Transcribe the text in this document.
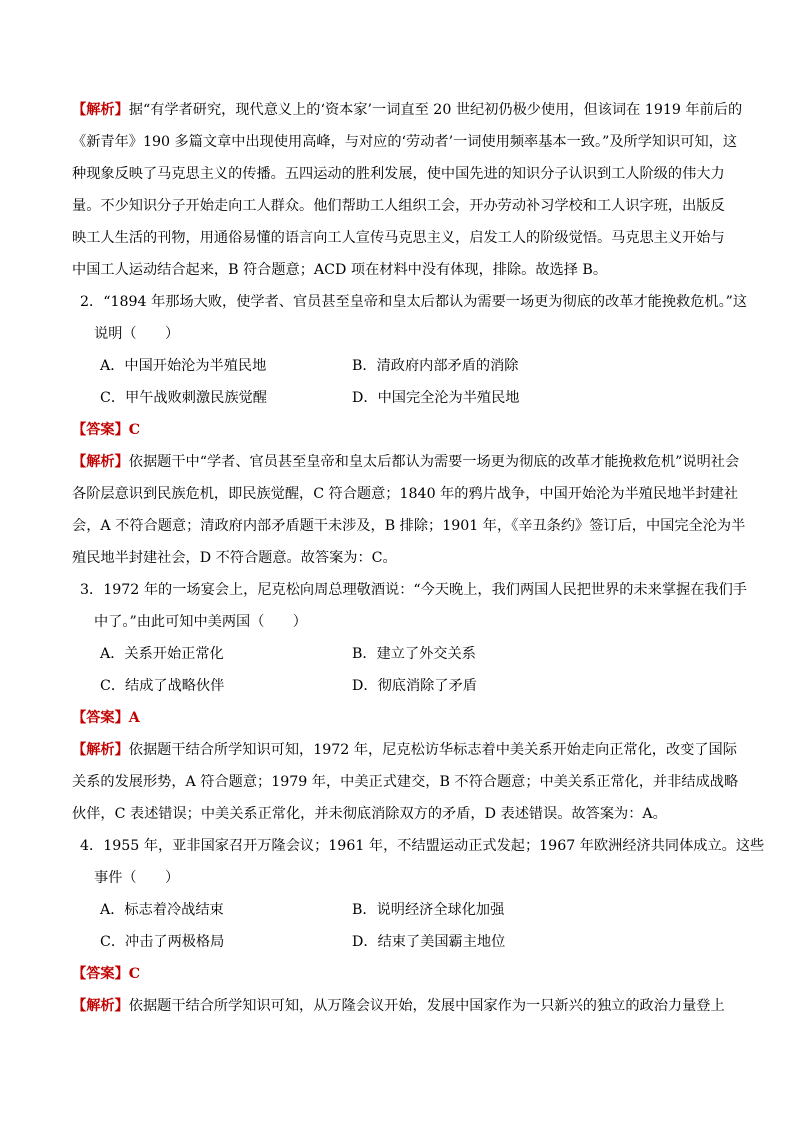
【解析】据“有学者研究，现代意义上的‘资本家’一词直至 20 世纪初仍极少使用，但该词在 1919 年前后的
《新青年》190 多篇文章中出现使用高峰，与对应的‘劳动者’一词使用频率基本一致。”及所学知识可知，这
种现象反映了马克思主义的传播。五四运动的胜利发展，使中国先进的知识分子认识到工人阶级的伟大力
量。不少知识分子开始走向工人群众。他们帮助工人组织工会，开办劳动补习学校和工人识字班，出版反
映工人生活的刊物，用通俗易懂的语言向工人宣传马克思主义，启发工人的阶级觉悟。马克思主义开始与
中国工人运动结合起来，B 符合题意；ACD 项在材料中没有体现，排除。故选择 B。
2．“1894 年那场大败，使学者、官员甚至皇帝和皇太后都认为需要一场更为彻底的改革才能挽救危机。”这
说明（　　）
A．中国开始沦为半殖民地	B．清政府内部矛盾的消除
C．甲午战败刺激民族觉醒	D．中国完全沦为半殖民地
【答案】C
【解析】依据题干中“学者、官员甚至皇帝和皇太后都认为需要一场更为彻底的改革才能挽救危机”说明社会
各阶层意识到民族危机，即民族觉醒，C 符合题意；1840 年的鸦片战争，中国开始沦为半殖民地半封建社
会，A 不符合题意；清政府内部矛盾题干未涉及，B 排除；1901 年，《辛丑条约》签订后，中国完全沦为半
殖民地半封建社会，D 不符合题意。故答案为：C。
3．1972 年的一场宴会上，尼克松向周总理敬酒说：“今天晚上，我们两国人民把世界的未来掌握在我们手
中了。”由此可知中美两国（　　）
A．关系开始正常化	B．建立了外交关系
C．结成了战略伙伴	D．彻底消除了矛盾
【答案】A
【解析】依据题干结合所学知识可知，1972 年，尼克松访华标志着中美关系开始走向正常化，改变了国际
关系的发展形势，A 符合题意；1979 年，中美正式建交，B 不符合题意；中美关系正常化，并非结成战略
伙伴，C 表述错误；中美关系正常化，并未彻底消除双方的矛盾，D 表述错误。故答案为：A。
4．1955 年，亚非国家召开万隆会议；1961 年，不结盟运动正式发起；1967 年欧洲经济共同体成立。这些
事件（　　）
A．标志着冷战结束	B．说明经济全球化加强
C．冲击了两极格局	D．结束了美国霸主地位
【答案】C
【解析】依据题干结合所学知识可知，从万隆会议开始，发展中国家作为一只新兴的独立的政治力量登上
